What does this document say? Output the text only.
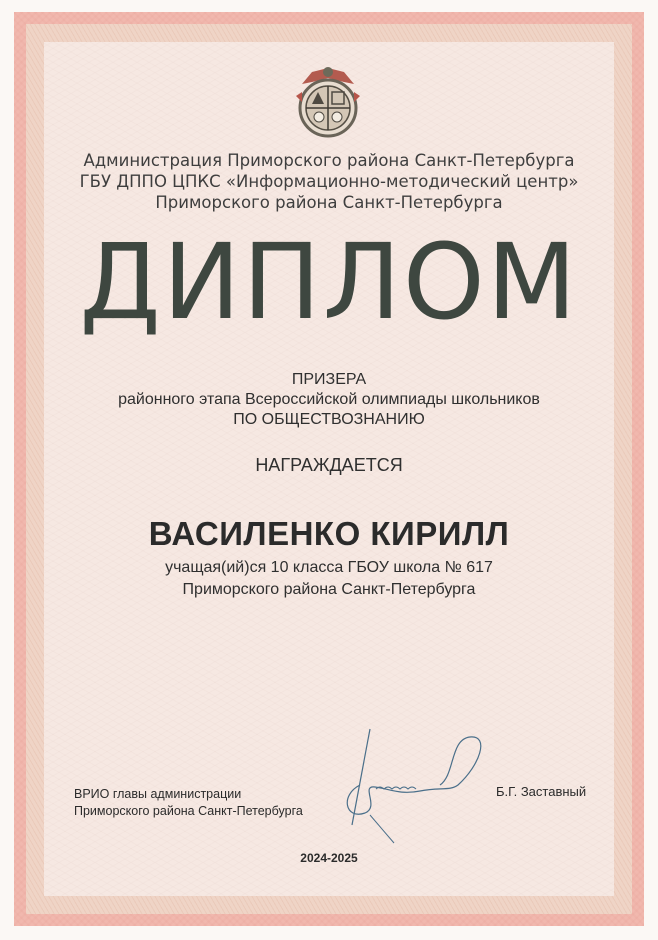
Администрация Приморского района Санкт-Петербурга
ГБУ ДППО ЦПКС «Информационно-методический центр»
Приморского района Санкт-Петербурга
ДИПЛОМ
ПРИЗЕРА
районного этапа Всероссийской олимпиады школьников
ПО ОБЩЕСТВОЗНАНИЮ
НАГРАЖДАЕТСЯ
ВАСИЛЕНКО КИРИЛЛ
учащая(ий)ся 10 класса ГБОУ школа № 617
Приморского района Санкт-Петербурга
ВРИО главы администрации
Приморского района Санкт-Петербурга
Б.Г. Заставный
2024-2025
